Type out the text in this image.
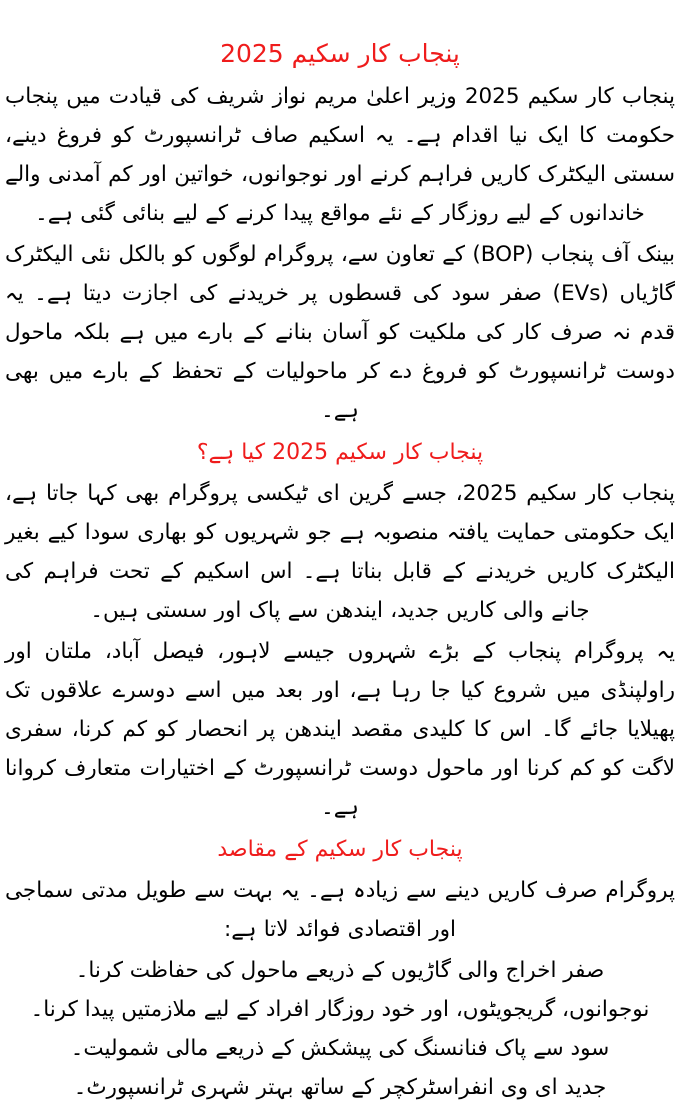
پنجاب کار سکیم 2025

پنجاب کار سکیم 2025 وزیر اعلیٰ مریم نواز شریف کی قیادت میں پنجاب حکومت کا ایک نیا اقدام ہے۔ یہ اسکیم صاف ٹرانسپورٹ کو فروغ دینے، سستی الیکٹرک کاریں فراہم کرنے اور نوجوانوں، خواتین اور کم آمدنی والے خاندانوں کے لیے روزگار کے نئے مواقع پیدا کرنے کے لیے بنائی گئی ہے۔

بینک آف پنجاب (BOP) کے تعاون سے، پروگرام لوگوں کو بالکل نئی الیکٹرک گاڑیاں (EVs) صفر سود کی قسطوں پر خریدنے کی اجازت دیتا ہے۔ یہ قدم نہ صرف کار کی ملکیت کو آسان بنانے کے بارے میں ہے بلکہ ماحول دوست ٹرانسپورٹ کو فروغ دے کر ماحولیات کے تحفظ کے بارے میں بھی ہے۔

پنجاب کار سکیم 2025 کیا ہے؟

پنجاب کار سکیم 2025، جسے گرین ای ٹیکسی پروگرام بھی کہا جاتا ہے، ایک حکومتی حمایت یافتہ منصوبہ ہے جو شہریوں کو بھاری سودا کیے بغیر الیکٹرک کاریں خریدنے کے قابل بناتا ہے۔ اس اسکیم کے تحت فراہم کی جانے والی کاریں جدید، ایندھن سے پاک اور سستی ہیں۔

یہ پروگرام پنجاب کے بڑے شہروں جیسے لاہور، فیصل آباد، ملتان اور راولپنڈی میں شروع کیا جا رہا ہے، اور بعد میں اسے دوسرے علاقوں تک پھیلایا جائے گا۔ اس کا کلیدی مقصد ایندھن پر انحصار کو کم کرنا، سفری لاگت کو کم کرنا اور ماحول دوست ٹرانسپورٹ کے اختیارات متعارف کروانا ہے۔

پنجاب کار سکیم کے مقاصد

پروگرام صرف کاریں دینے سے زیادہ ہے۔ یہ بہت سے طویل مدتی سماجی اور اقتصادی فوائد لاتا ہے:

صفر اخراج والی گاڑیوں کے ذریعے ماحول کی حفاظت کرنا۔
نوجوانوں، گریجویٹوں، اور خود روزگار افراد کے لیے ملازمتیں پیدا کرنا۔
سود سے پاک فنانسنگ کی پیشکش کے ذریعے مالی شمولیت۔
جدید ای وی انفراسٹرکچر کے ساتھ بہتر شہری ٹرانسپورٹ۔
